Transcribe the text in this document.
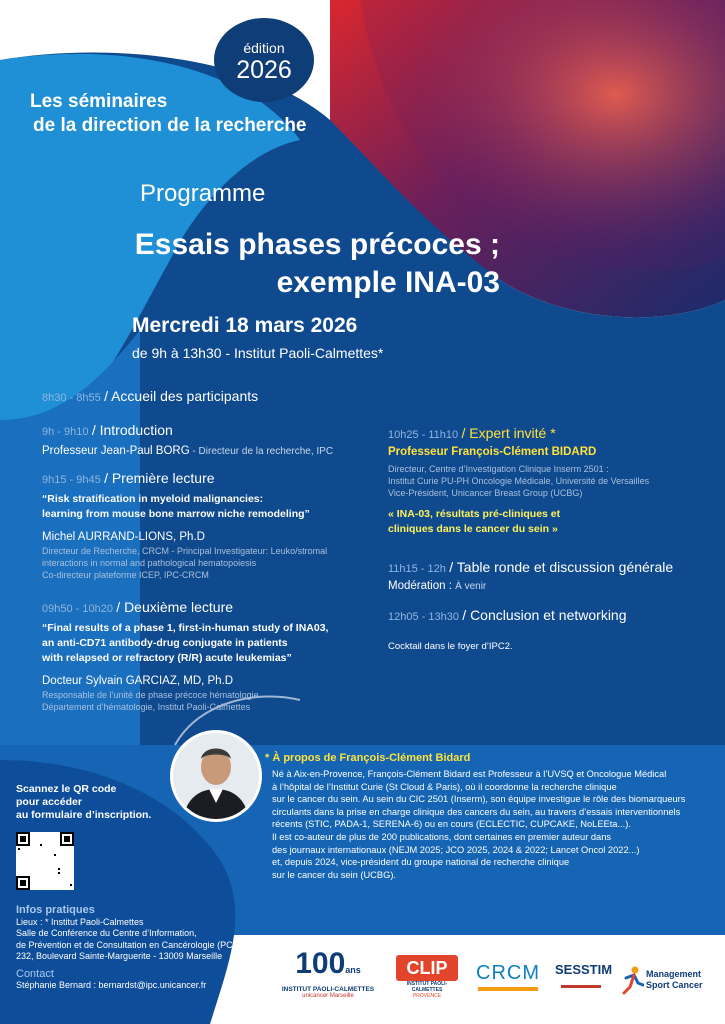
édition
2026
Les séminaires
de la direction de la recherche
Programme
Essais phases précoces ;
exemple INA-03
Mercredi 18 mars 2026
de 9h à 13h30 - Institut Paoli-Calmettes*
8h30 - 8h55 / Accueil des participants
9h - 9h10 / Introduction
Professeur Jean-Paul BORG - Directeur de la recherche, IPC
9h15 - 9h45 / Première lecture
“Risk stratification in myeloid malignancies:
learning from mouse bone marrow niche remodeling”
Michel AURRAND-LIONS, Ph.D
Directeur de Recherche, CRCM - Principal Investigateur: Leuko/stromal
interactions in normal and pathological hematopoiesis
Co-directeur plateforme ICEP, IPC-CRCM
09h50 - 10h20 / Deuxième lecture
“Final results of a phase 1, first-in-human study of INA03,
an anti-CD71 antibody-drug conjugate in patients
with relapsed or refractory (R/R) acute leukemias”
Docteur Sylvain GARCIAZ, MD, Ph.D
Responsable de l’unité de phase précoce hématologie
Département d’hématologie, Institut Paoli-Calmettes
10h25 - 11h10 / Expert invité *
Professeur François-Clément BIDARD
Directeur, Centre d’Investigation Clinique Inserm 2501 :
Institut Curie PU-PH Oncologie Médicale, Université de Versailles
Vice-Président, Unicancer Breast Group (UCBG)
« INA-03, résultats pré-cliniques et
cliniques dans le cancer du sein »
11h15 - 12h / Table ronde et discussion générale
Modération : À venir
12h05 - 13h30 / Conclusion et networking
Cocktail dans le foyer d’IPC2.
* À propos de François-Clément Bidard

Né à Aix-en-Provence, François-Clément Bidard est Professeur à l’UVSQ et Oncologue Médical

à l’hôpital de l’Institut Curie (St Cloud & Paris), où il coordonne la recherche clinique

sur le cancer du sein. Au sein du CIC 2501 (Inserm), son équipe investigue le rôle des biomarqueurs

circulants dans la prise en charge clinique des cancers du sein, au travers d’essais interventionnels

récents (STIC, PADA-1, SERENA-6) ou en cours (ECLECTIC, CUPCAKE, NoLEEta...).

Il est co-auteur de plus de 200 publications, dont certaines en premier auteur dans

des journaux internationaux (NEJM 2025; JCO 2025, 2024 & 2022; Lancet Oncol 2022...)

et, depuis 2024, vice-président du groupe national de recherche clinique

sur le cancer du sein (UCBG).

Scannez le QR code
pour accéder
au formulaire d’inscription.
Infos pratiques
Lieux : * Institut Paoli-Calmettes
Salle de Conférence du Centre d’Information,
de Prévention et de Consultation en Cancérologie (PC2)
232, Boulevard Sainte-Marguerite - 13009 Marseille
Contact
Stéphanie Bernard : bernardst@ipc.unicancer.fr
100ans
INSTITUT PAOLI-CALMETTES
unicancer Marseille
CLIP
INSTITUT PAOLI-CALMETTES
PROVENCE
CRCM SESSTIM	Management
Sport Cancer
